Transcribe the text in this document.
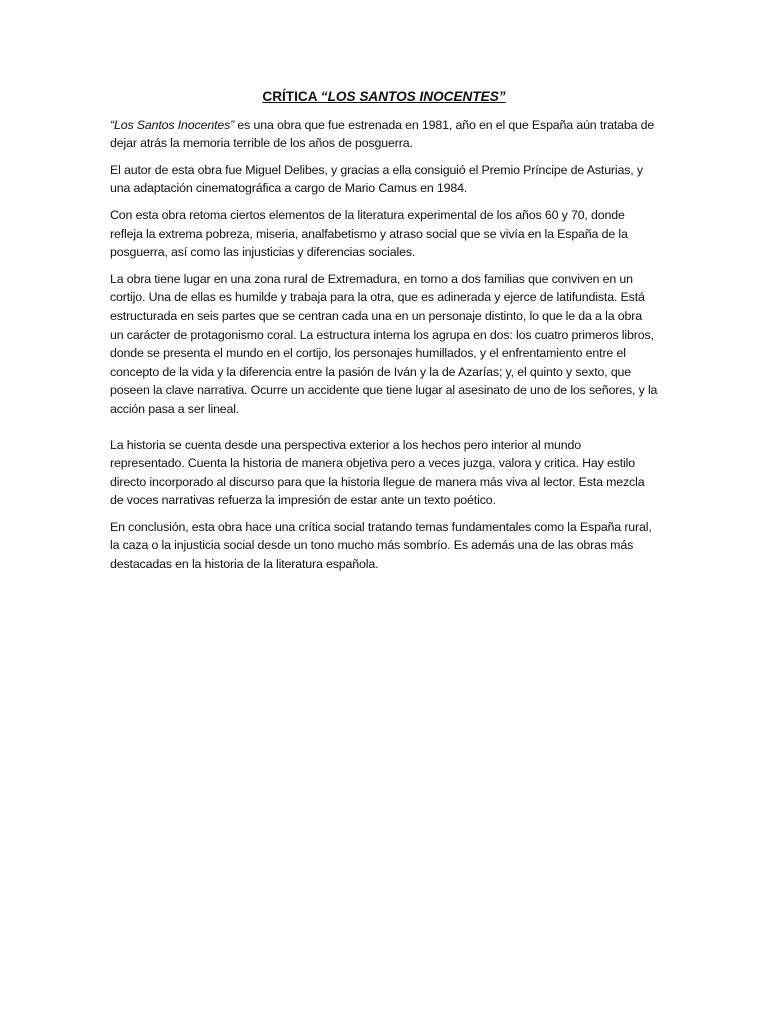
CRÍTICA “LOS SANTOS INOCENTES”

“Los Santos Inocentes” es una obra que fue estrenada en 1981, año en el que España aún trataba de dejar atrás la memoria terrible de los años de posguerra.

El autor de esta obra fue Miguel Delibes, y gracias a ella consiguió el Premio Príncipe de Asturias, y una adaptación cinematográfica a cargo de Mario Camus en 1984.

Con esta obra retoma ciertos elementos de la literatura experimental de los años 60 y 70, donde refleja la extrema pobreza, miseria, analfabetismo y atraso social que se vivía en la España de la posguerra, así como las injusticias y diferencias sociales.

La obra tiene lugar en una zona rural de Extremadura, en torno a dos familias que conviven en un cortijo. Una de ellas es humilde y trabaja para la otra, que es adinerada y ejerce de latifundista. Está estructurada en seis partes que se centran cada una en un personaje distinto, lo que le da a la obra un carácter de protagonismo coral. La estructura interna los agrupa en dos: los cuatro primeros libros, donde se presenta el mundo en el cortijo, los personajes humillados, y el enfrentamiento entre el concepto de la vida y la diferencia entre la pasión de Iván y la de Azarías; y, el quinto y sexto, que poseen la clave narrativa. Ocurre un accidente que tiene lugar al asesinato de uno de los señores, y la acción pasa a ser lineal.

La historia se cuenta desde una perspectiva exterior a los hechos pero interior al mundo representado. Cuenta la historia de manera objetiva pero a veces juzga, valora y critica. Hay estilo directo incorporado al discurso para que la historia llegue de manera más viva al lector. Esta mezcla de voces narrativas refuerza la impresión de estar ante un texto poético.

En conclusión, esta obra hace una crítica social tratando temas fundamentales como la España rural, la caza o la injusticia social desde un tono mucho más sombrío. Es además una de las obras más destacadas en la historia de la literatura española.
